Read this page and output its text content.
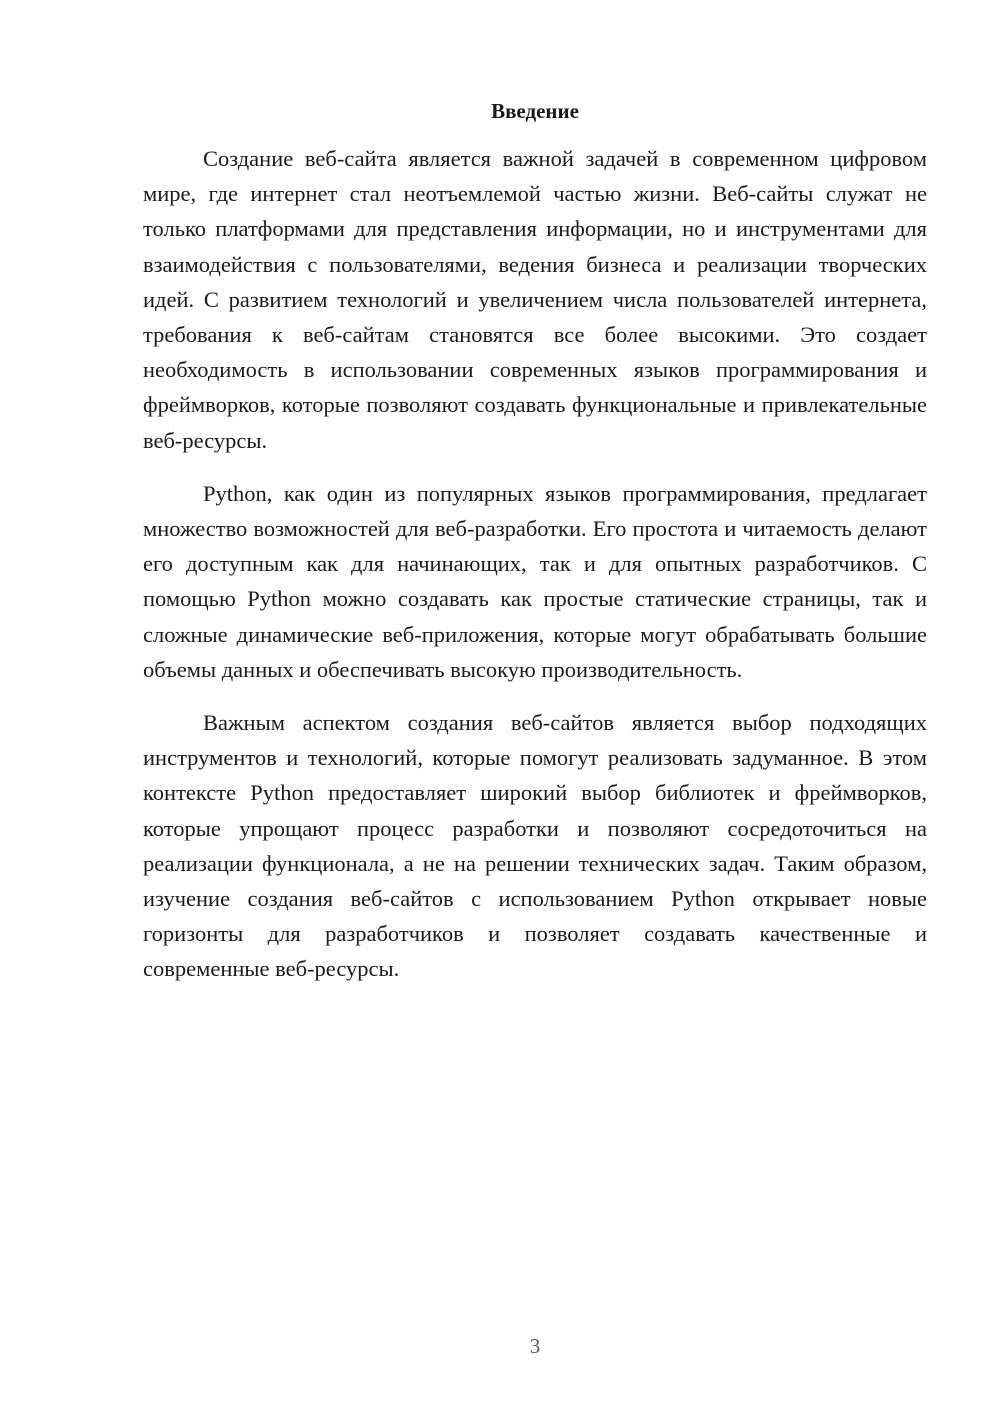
Введение

Создание веб-сайта является важной задачей в современном цифровом мире, где интернет стал неотъемлемой частью жизни. Веб-сайты служат не только платформами для представления информации, но и инструментами для взаимодействия с пользователями, ведения бизнеса и реализации творческих идей. С развитием технологий и увеличением числа пользователей интернета, требования к веб-сайтам становятся все более высокими. Это создает необходимость в использовании современных языков программирования и фреймворков, которые позволяют создавать функциональные и привлекательные веб-ресурсы.

Python, как один из популярных языков программирования, предлагает множество возможностей для веб-разработки. Его простота и читаемость делают его доступным как для начинающих, так и для опытных разработчиков. С помощью Python можно создавать как простые статические страницы, так и сложные динамические веб-приложения, которые могут обрабатывать большие объемы данных и обеспечивать высокую производительность.

Важным аспектом создания веб-сайтов является выбор подходящих инструментов и технологий, которые помогут реализовать задуманное. В этом контексте Python предоставляет широкий выбор библиотек и фреймворков, которые упрощают процесс разработки и позволяют сосредоточиться на реализации функционала, а не на решении технических задач. Таким образом, изучение создания веб-сайтов с использованием Python открывает новые горизонты для разработчиков и позволяет создавать качественные и современные веб-ресурсы.

3
